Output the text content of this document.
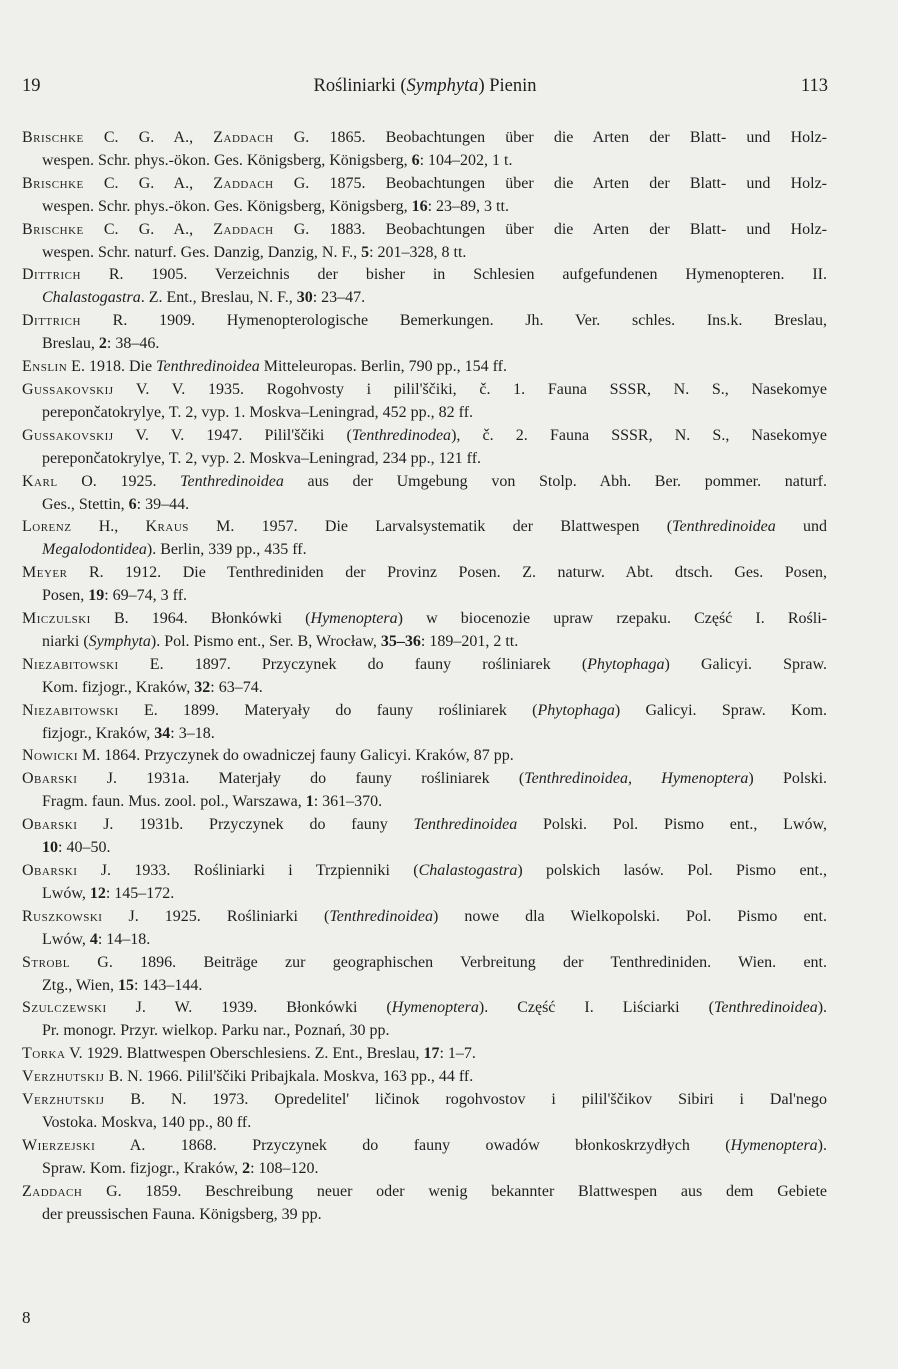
19	Rośliniarki (Symphyta) Pienin	113
Brischke C. G. A., Zaddach G. 1865. Beobachtungen über die Arten der Blatt- und Holz-
wespen. Schr. phys.-ökon. Ges. Königsberg, Königsberg, 6: 104–202, 1 t.
Brischke C. G. A., Zaddach G. 1875. Beobachtungen über die Arten der Blatt- und Holz-
wespen. Schr. phys.-ökon. Ges. Königsberg, Königsberg, 16: 23–89, 3 tt.
Brischke C. G. A., Zaddach G. 1883. Beobachtungen über die Arten der Blatt- und Holz-
wespen. Schr. naturf. Ges. Danzig, Danzig, N. F., 5: 201–328, 8 tt.
Dittrich R. 1905. Verzeichnis der bisher in Schlesien aufgefundenen Hymenopteren. II.
Chalastogastra. Z. Ent., Breslau, N. F., 30: 23–47.
Dittrich R. 1909. Hymenopterologische Bemerkungen. Jh. Ver. schles. Ins.k. Breslau,
Breslau, 2: 38–46.
Enslin E. 1918. Die Tenthredinoidea Mitteleuropas. Berlin, 790 pp., 154 ff.
Gussakovskij V. V. 1935. Rogohvosty i pilil'ščiki, č. 1. Fauna SSSR, N. S., Nasekomye
perepončatokrylye, T. 2, vyp. 1. Moskva–Leningrad, 452 pp., 82 ff.
Gussakovskij V. V. 1947. Pilil'ščiki (Tenthredinodea), č. 2. Fauna SSSR, N. S., Nasekomye
perepončatokrylye, T. 2, vyp. 2. Moskva–Leningrad, 234 pp., 121 ff.
Karl O. 1925. Tenthredinoidea aus der Umgebung von Stolp. Abh. Ber. pommer. naturf.
Ges., Stettin, 6: 39–44.
Lorenz H., Kraus M. 1957. Die Larvalsystematik der Blattwespen (Tenthredinoidea und
Megalodontidea). Berlin, 339 pp., 435 ff.
Meyer R. 1912. Die Tenthrediniden der Provinz Posen. Z. naturw. Abt. dtsch. Ges. Posen,
Posen, 19: 69–74, 3 ff.
Miczulski B. 1964. Błonkówki (Hymenoptera) w biocenozie upraw rzepaku. Część I. Rośli-
niarki (Symphyta). Pol. Pismo ent., Ser. B, Wrocław, 35–36: 189–201, 2 tt.
Niezabitowski E. 1897. Przyczynek do fauny rośliniarek (Phytophaga) Galicyi. Spraw.
Kom. fizjogr., Kraków, 32: 63–74.
Niezabitowski E. 1899. Materyały do fauny rośliniarek (Phytophaga) Galicyi. Spraw. Kom.
fizjogr., Kraków, 34: 3–18.
Nowicki M. 1864. Przyczynek do owadniczej fauny Galicyi. Kraków, 87 pp.
Obarski J. 1931a. Materjały do fauny rośliniarek (Tenthredinoidea, Hymenoptera) Polski.
Fragm. faun. Mus. zool. pol., Warszawa, 1: 361–370.
Obarski J. 1931b. Przyczynek do fauny Tenthredinoidea Polski. Pol. Pismo ent., Lwów,
10: 40–50.
Obarski J. 1933. Rośliniarki i Trzpienniki (Chalastogastra) polskich lasów. Pol. Pismo ent.,
Lwów, 12: 145–172.
Ruszkowski J. 1925. Rośliniarki (Tenthredinoidea) nowe dla Wielkopolski. Pol. Pismo ent.
Lwów, 4: 14–18.
Strobl G. 1896. Beiträge zur geographischen Verbreitung der Tenthrediniden. Wien. ent.
Ztg., Wien, 15: 143–144.
Szulczewski J. W. 1939. Błonkówki (Hymenoptera). Część I. Liściarki (Tenthredinoidea).
Pr. monogr. Przyr. wielkop. Parku nar., Poznań, 30 pp.
Torka V. 1929. Blattwespen Oberschlesiens. Z. Ent., Breslau, 17: 1–7.
Verzhutskij B. N. 1966. Pilil'ščiki Pribajkala. Moskva, 163 pp., 44 ff.
Verzhutskij B. N. 1973. Opredelitel' ličinok rogohvostov i pilil'ščikov Sibiri i Dal'nego
Vostoka. Moskva, 140 pp., 80 ff.
Wierzejski A. 1868. Przyczynek do fauny owadów błonkoskrzydłych (Hymenoptera).
Spraw. Kom. fizjogr., Kraków, 2: 108–120.
Zaddach G. 1859. Beschreibung neuer oder wenig bekannter Blattwespen aus dem Gebiete
der preussischen Fauna. Königsberg, 39 pp.
8
